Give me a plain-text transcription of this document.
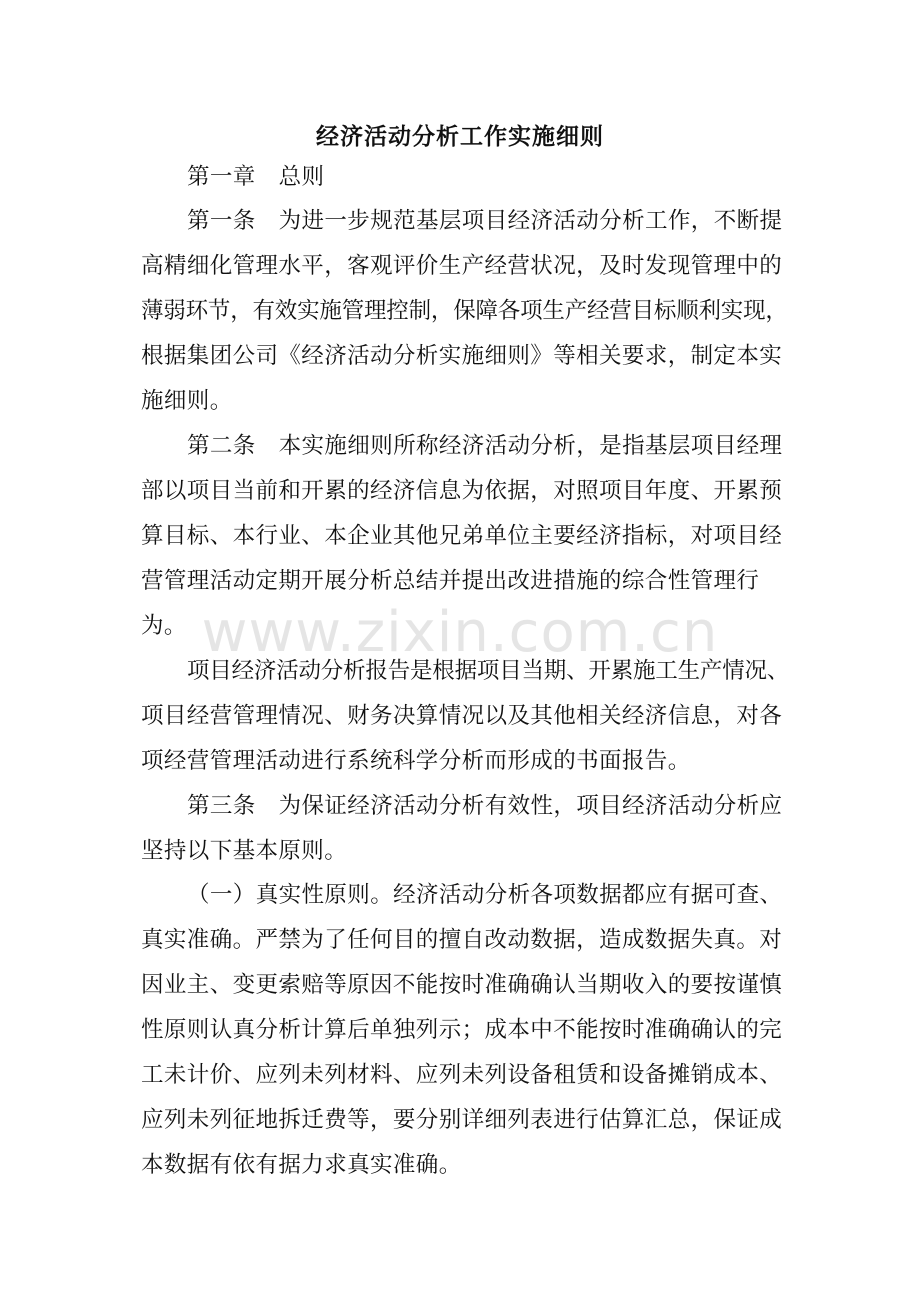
经济活动分析工作实施细则
第一章　总则
第一条　为进一步规范基层项目经济活动分析工作，不断提
高精细化管理水平，客观评价生产经营状况，及时发现管理中的
薄弱环节，有效实施管理控制，保障各项生产经营目标顺利实现，
根据集团公司《经济活动分析实施细则》等相关要求，制定本实
施细则。
第二条　本实施细则所称经济活动分析，是指基层项目经理
部以项目当前和开累的经济信息为依据，对照项目年度、开累预
算目标、本行业、本企业其他兄弟单位主要经济指标，对项目经
营管理活动定期开展分析总结并提出改进措施的综合性管理行
为。
项目经济活动分析报告是根据项目当期、开累施工生产情况、
项目经营管理情况、财务决算情况以及其他相关经济信息，对各
项经营管理活动进行系统科学分析而形成的书面报告。
第三条　为保证经济活动分析有效性，项目经济活动分析应
坚持以下基本原则。
（一）真实性原则。经济活动分析各项数据都应有据可查、
真实准确。严禁为了任何目的擅自改动数据，造成数据失真。对
因业主、变更索赔等原因不能按时准确确认当期收入的要按谨慎
性原则认真分析计算后单独列示；成本中不能按时准确确认的完
工未计价、应列未列材料、应列未列设备租赁和设备摊销成本、
应列未列征地拆迁费等，要分别详细列表进行估算汇总，保证成
本数据有依有据力求真实准确。
www.zixin.com.cn
